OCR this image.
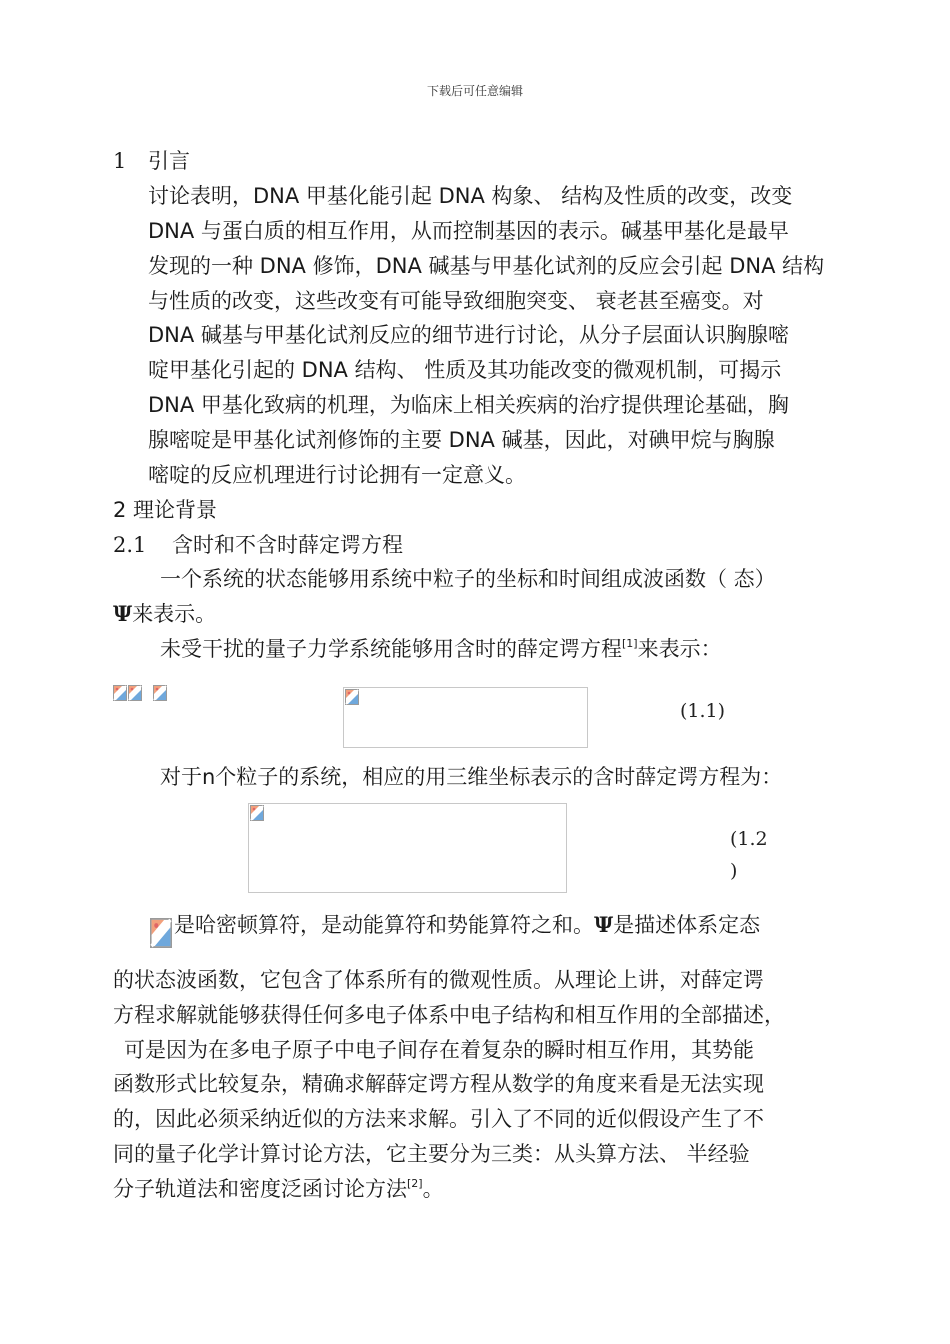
下载后可任意编辑
1 引言
讨论表明，DNA 甲基化能引起 DNA 构象、 结构及性质的改变，改变
DNA 与蛋白质的相互作用，从而控制基因的表示。碱基甲基化是最早
发现的一种 DNA 修饰，DNA 碱基与甲基化试剂的反应会引起 DNA 结构
与性质的改变，这些改变有可能导致细胞突变、 衰老甚至癌变。对
DNA 碱基与甲基化试剂反应的细节进行讨论，从分子层面认识胸腺嘧
啶甲基化引起的 DNA 结构、 性质及其功能改变的微观机制，可揭示
DNA 甲基化致病的机理，为临床上相关疾病的治疗提供理论基础，胸
腺嘧啶是甲基化试剂修饰的主要 DNA 碱基，因此，对碘甲烷与胸腺
嘧啶的反应机理进行讨论拥有一定意义。
2 理论背景
2.1 含时和不含时薛定谔方程
一个系统的状态能够用系统中粒子的坐标和时间组成波函数（ 态）
Ψ来表示。
未受干扰的量子力学系统能够用含时的薛定谔方程[1]来表示：
(1.1)
对于n个粒子的系统，相应的用三维坐标表示的含时薛定谔方程为：
(1.2
)
是哈密顿算符，是动能算符和势能算符之和。Ψ是描述体系定态
的状态波函数，它包含了体系所有的微观性质。从理论上讲，对薛定谔
方程求解就能够获得任何多电子体系中电子结构和相互作用的全部描述，
可是因为在多电子原子中电子间存在着复杂的瞬时相互作用，其势能
函数形式比较复杂，精确求解薛定谔方程从数学的角度来看是无法实现
的，因此必须采纳近似的方法来求解。引入了不同的近似假设产生了不
同的量子化学计算讨论方法，它主要分为三类：从头算方法、 半经验
分子轨道法和密度泛函讨论方法[2]。
